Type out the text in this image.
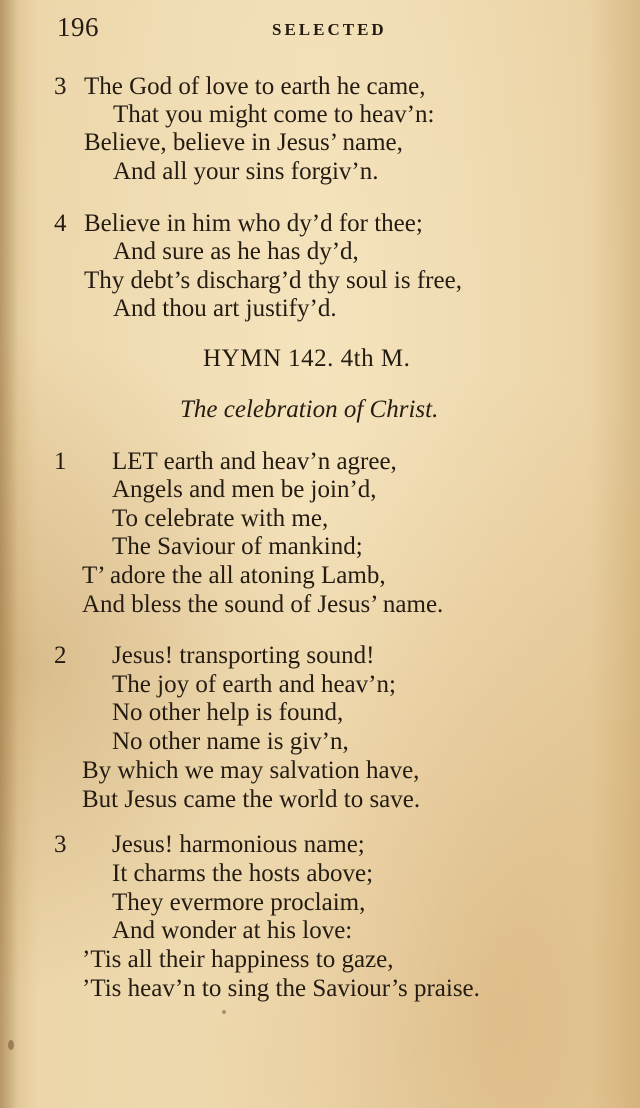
196	SELECTED
3 The God of love to earth he came,
That you might come to heav’n:
Believe, believe in Jesus’ name,
And all your sins forgiv’n.
4 Believe in him who dy’d for thee;
And sure as he has dy’d,
Thy debt’s discharg’d thy soul is free,
And thou art justify’d.
HYMN 142. 4th M.
The celebration of Christ.
1 LET earth and heav’n agree,
Angels and men be join’d,
To celebrate with me,
The Saviour of mankind;
T’ adore the all atoning Lamb,
And bless the sound of Jesus’ name.
2 Jesus! transporting sound!
The joy of earth and heav’n;
No other help is found,
No other name is giv’n,
By which we may salvation have,
But Jesus came the world to save.
3 Jesus! harmonious name;
It charms the hosts above;
They evermore proclaim,
And wonder at his love:
’Tis all their happiness to gaze,
’Tis heav’n to sing the Saviour’s praise.
